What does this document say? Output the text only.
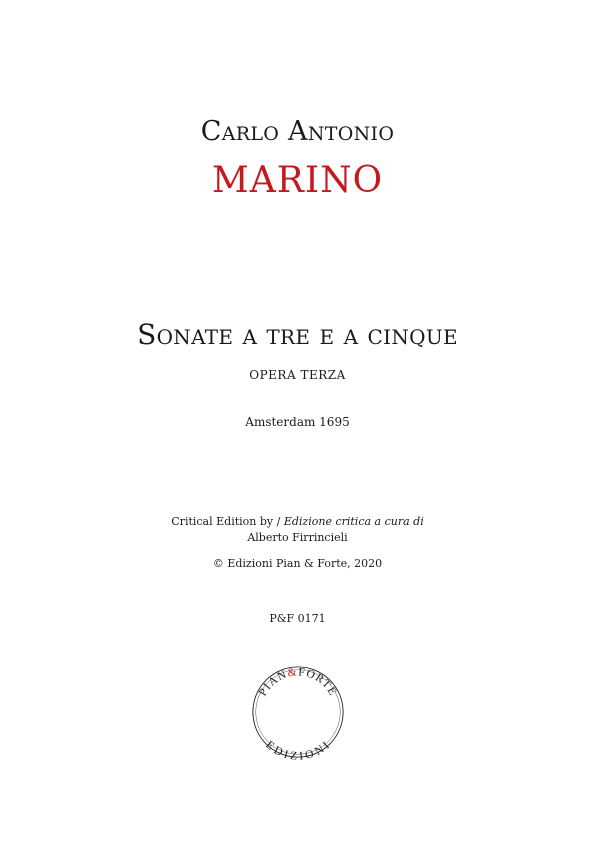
Carlo Antonio
MARINO
Sonate a tre e a cinque
OPERA TERZA
Amsterdam 1695
Critical Edition by / Edizione critica a cura di
Alberto Firrincieli
© Edizioni Pian & Forte, 2020
P&F 0171
PIAN&FORTE
EDIZIONI
